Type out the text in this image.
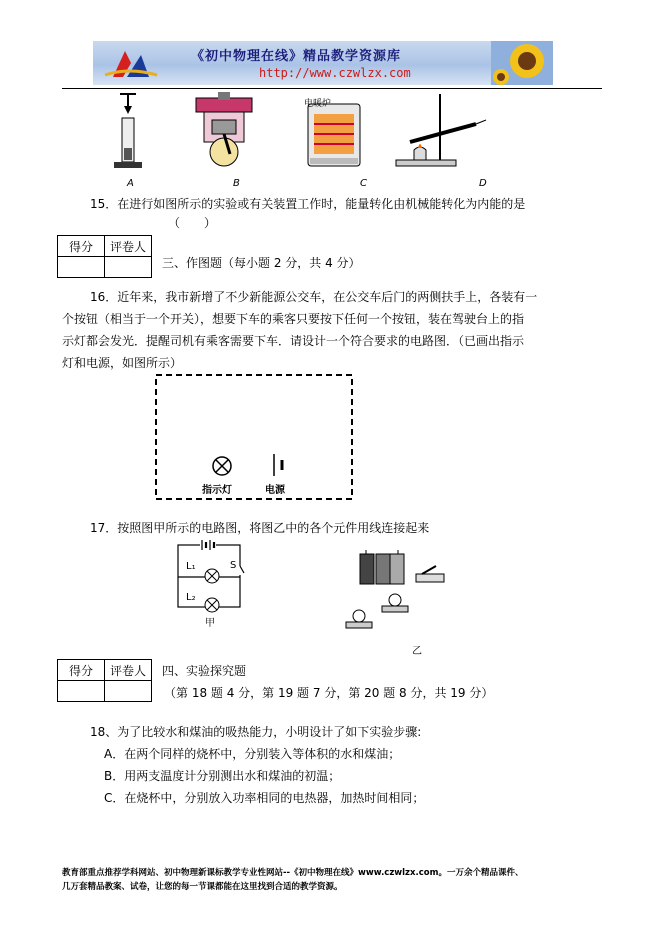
《初中物理在线》精品教学资源库
http://www.czwlzx.com
电暖炉
A	B	C	D
15．在进行如图所示的实验或有关装置工作时，能量转化由机械能转化为内能的是
（　　）
得分	评卷人

三、作图题（每小题 2 分，共 4 分）
16．近年来，我市新增了不少新能源公交车，在公交车后门的两侧扶手上，各装有一
个按钮（相当于一个开关），想要下车的乘客只要按下任何一个按钮，装在驾驶台上的指
示灯都会发光．提醒司机有乘客需要下车．请设计一个符合要求的电路图．（已画出指示
灯和电源，如图所示）
指示灯	电源
17．按照图甲所示的电路图，将图乙中的各个元件用线连接起来
L₁
L₂
S
甲
乙
得分	评卷人
	四、实验探究题
（第 18 题 4 分，第 19 题 7 分，第 20 题 8 分，共 19 分）
18、为了比较水和煤油的吸热能力，小明设计了如下实验步骤:
A．在两个同样的烧杯中，分别装入等体积的水和煤油；
B．用两支温度计分别测出水和煤油的初温；
C．在烧杯中，分别放入功率相同的电热器，加热时间相同；
教育部重点推荐学科网站、初中物理新课标教学专业性网站--《初中物理在线》www.czwlzx.com。一万余个精品课件、
几万套精品教案、试卷，让您的每一节课都能在这里找到合适的教学资源。
